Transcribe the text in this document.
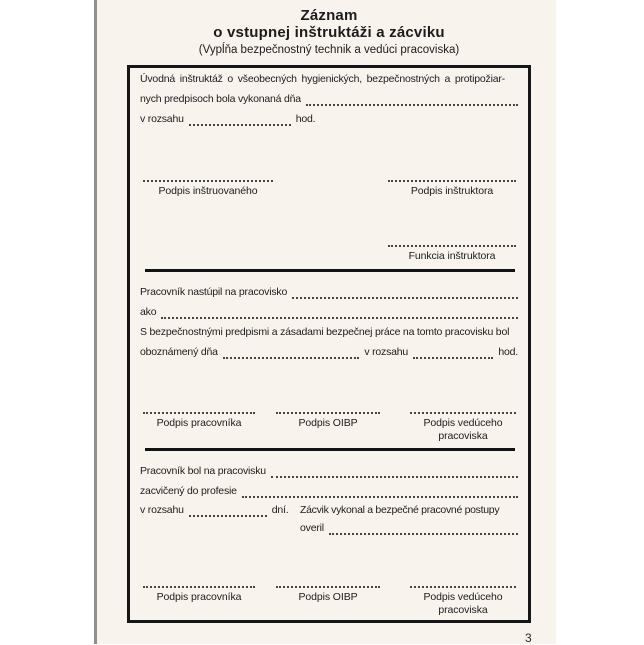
Záznam
o vstupnej inštruktáži a zácviku
(Vypĺňa bezpečnostný technik a vedúci pracoviska)
Úvodná inštruktáž o všeobecných hygienických, bezpečnostných a protipožiar-
nych predpisoch bola vykonaná dňa
v rozsahu	hod.
Podpis inštruovaného	Podpis inštruktora
Funkcia inštruktora
Pracovník nastúpil na pracovisko
ako
S bezpečnostnými predpismi a zásadami bezpečnej práce na tomto pracovisku bol
oboznámený dňa	v rozsahu	hod.
Podpis pracovníka	Podpis OIBP	Podpis vedúceho
pracoviska
Pracovník bol na pracovisku
zacvičený do profesie
v rozsahu	dní. Zácvik vykonal a bezpečné pracovné postupy
overil
Podpis pracovníka	Podpis OIBP	Podpis vedúceho
pracoviska
3
